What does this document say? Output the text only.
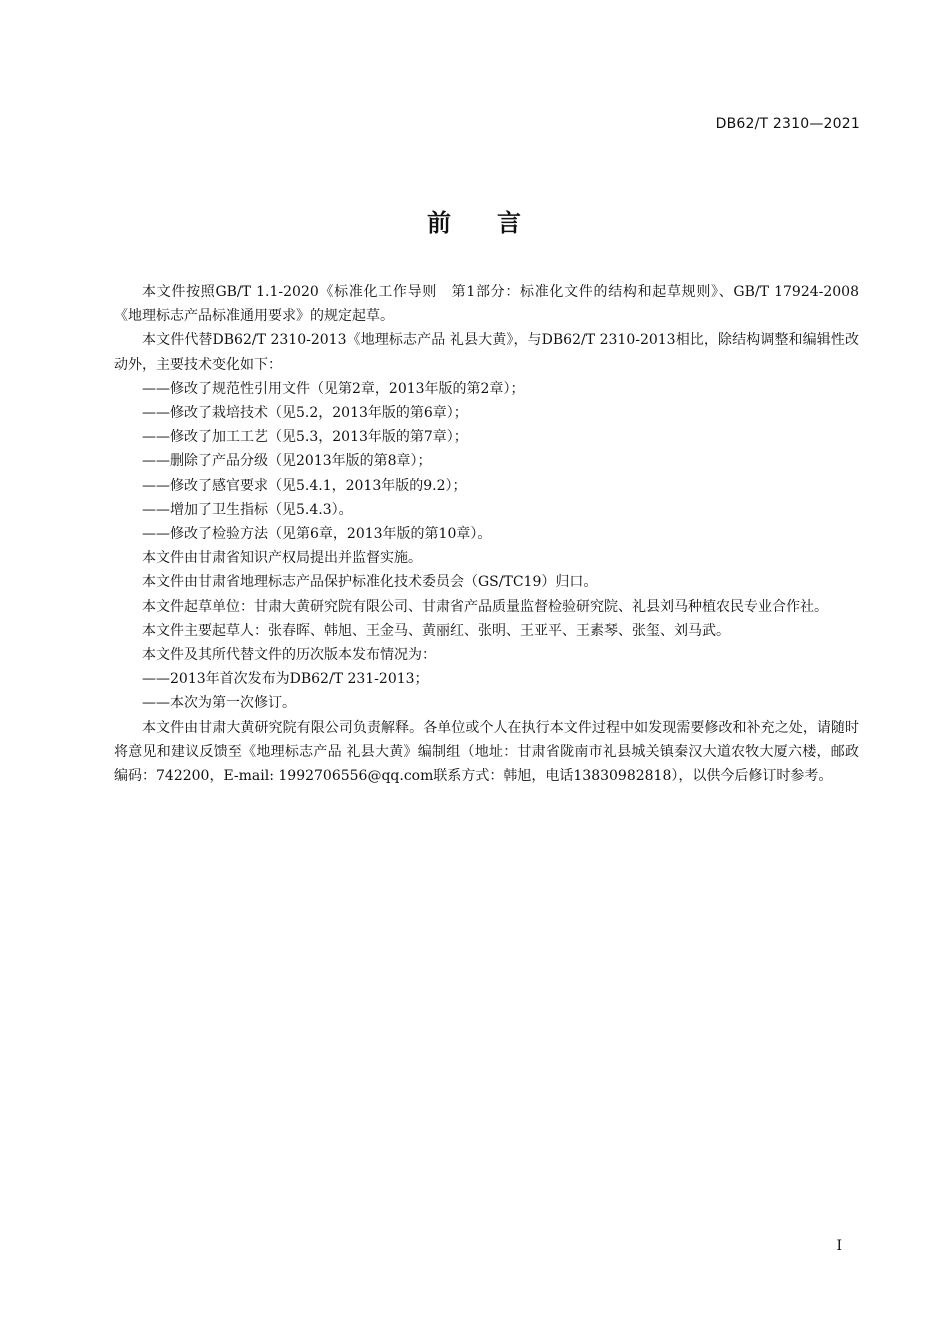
DB62/T 2310—2021
前 言

本文件按照GB/T 1.1-2020《标准化工作导则　第1部分：标准化文件的结构和起草规则》、GB/T 17924-2008《地理标志产品标准通用要求》的规定起草。

本文件代替DB62/T 2310-2013《地理标志产品 礼县大黄》，与DB62/T 2310-2013相比，除结构调整和编辑性改动外，主要技术变化如下：

——修改了规范性引用文件（见第2章，2013年版的第2章）；

——修改了栽培技术（见5.2，2013年版的第6章）；

——修改了加工工艺（见5.3，2013年版的第7章）；

——删除了产品分级（见2013年版的第8章）；

——修改了感官要求（见5.4.1，2013年版的9.2）；

——增加了卫生指标（见5.4.3）。

——修改了检验方法（见第6章，2013年版的第10章）。

本文件由甘肃省知识产权局提出并监督实施。

本文件由甘肃省地理标志产品保护标准化技术委员会（GS/TC19）归口。

本文件起草单位：甘肃大黄研究院有限公司、甘肃省产品质量监督检验研究院、礼县刘马种植农民专业合作社。

本文件主要起草人：张春晖、韩旭、王金马、黄丽红、张明、王亚平、王素琴、张玺、刘马武。

本文件及其所代替文件的历次版本发布情况为：

——2013年首次发布为DB62/T 231-2013；

——本次为第一次修订。

本文件由甘肃大黄研究院有限公司负责解释。各单位或个人在执行本文件过程中如发现需要修改和补充之处，请随时将意见和建议反馈至《地理标志产品 礼县大黄》编制组（地址：甘肃省陇南市礼县城关镇秦汉大道农牧大厦六楼，邮政编码：742200，E-mail: 1992706556@qq.com联系方式：韩旭，电话13830982818），以供今后修订时参考。

I
